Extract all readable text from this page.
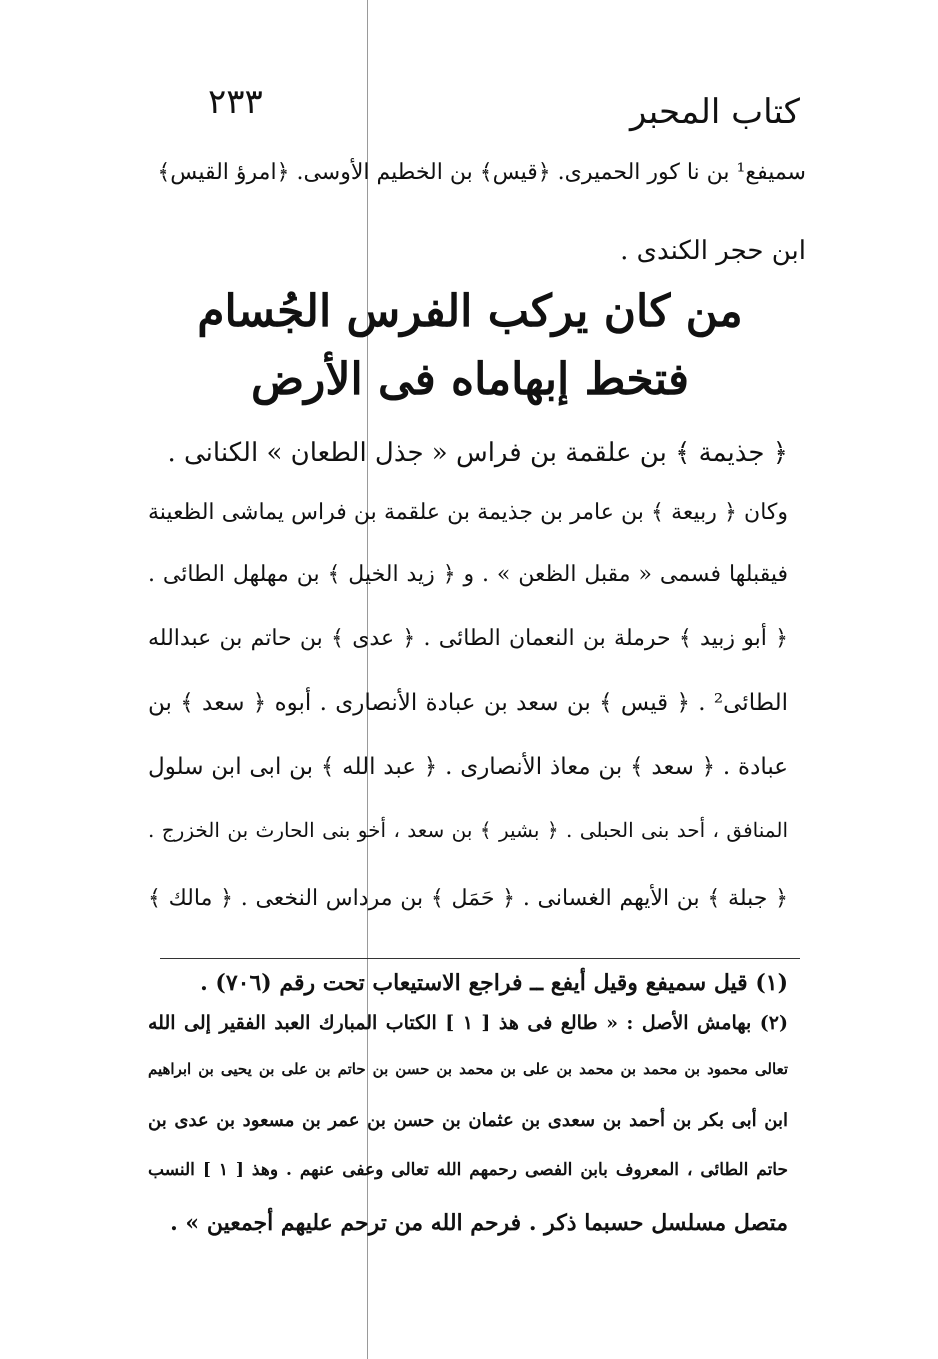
٢٣٣	كتاب المحبر
سميفع¹ بن نا كور الحميرى. ﴿قيس﴾ بن الخطيم الأوسى. ﴿امرؤ القيس﴾
ابن حجر الكندى .
من كان يركب الفرس الجُسام
فتخط إبهاماه فى الأرض
﴿ جذيمة ﴾ بن علقمة بن فراس « جذل الطعان » الكنانى .
وكان ﴿ ربيعة ﴾ بن عامر بن جذيمة بن علقمة بن فراس يماشى الظعينة
فيقبلها فسمى « مقبل الظعن » . و ﴿ زيد الخيل ﴾ بن مهلهل الطائى .
﴿ أبو زبيد ﴾ حرملة بن النعمان الطائى . ﴿ عدى ﴾ بن حاتم بن عبدالله
الطائى² . ﴿ قيس ﴾ بن سعد بن عبادة الأنصارى . أبوه ﴿ سعد ﴾ بن
عبادة . ﴿ سعد ﴾ بن معاذ الأنصارى . ﴿ عبد الله ﴾ بن ابى ابن سلول
المنافق ، أحد بنى الحبلى . ﴿ بشير ﴾ بن سعد ، أخو بنى الحارث بن الخزرج .
﴿ جبلة ﴾ بن الأيهم الغسانى . ﴿ حَمَل ﴾ بن مرداس النخعى . ﴿ مالك ﴾
(١) قيل سميفع وقيل أيفع ــ فراجع الاستيعاب تحت رقم (٧٠٦) .
(٢) بهامش الأصل : « طالع فى هذ [ ١ ] الكتاب المبارك العبد الفقير إلى الله
تعالى محمود بن محمد بن محمد بن على بن محمد بن حسن بن حاتم بن على بن يحيى بن ابراهيم
ابن أبى بكر بن أحمد بن سعدى بن عثمان بن حسن بن عمر بن مسعود بن عدى بن
حاتم الطائى ، المعروف بابن الفصى رحمهم الله تعالى وعفى عنهم . وهذ [ ١ ] النسب
متصل مسلسل حسبما ذكر . فرحم الله من ترحم عليهم أجمعين » .
